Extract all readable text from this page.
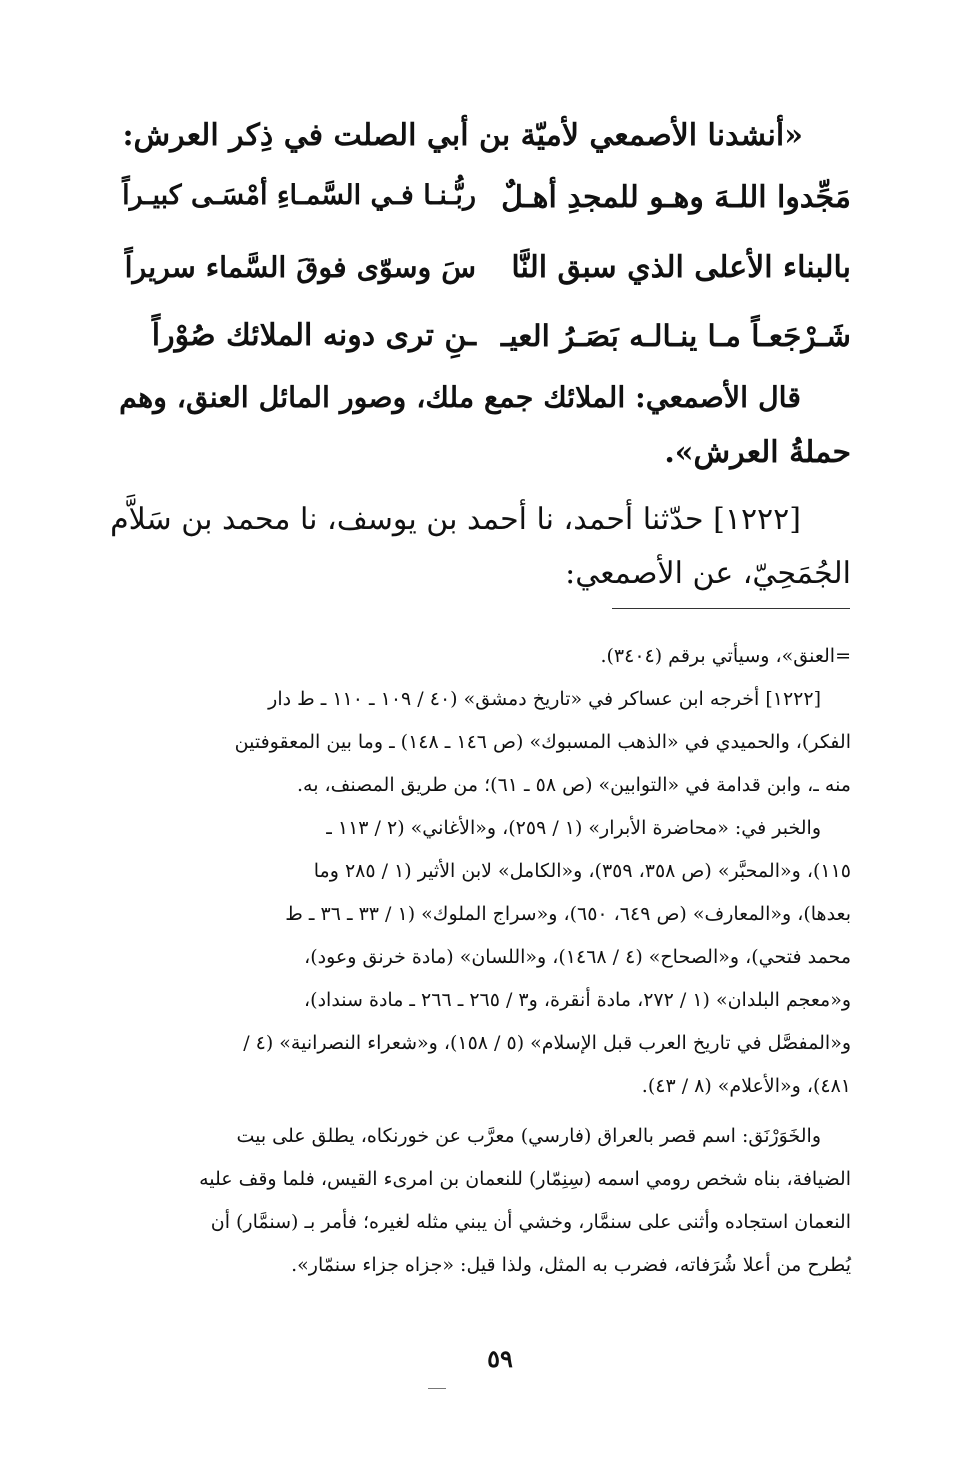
«أنشدنا الأصمعي لأميّة بن أبي الصلت في ذِكر العرش:
مَجِّدوا اللـهَ وهـو للمجدِ أهـلٌ
ربُّـنـا فـي السَّمـاءِ أمْسَـى كبيـراً
بالبناء الأعلى الذي سبق النَّا
سَ وسوّى فوقَ السَّماء سريراً
شَـرْجَعـاً مـا ينـالـه بَصَـرُ العيـ
ـنِ ترى دونه الملائك صُوْراً
قال الأصمعي: الملائك جمع ملك، وصور المائل العنق، وهم
حملةُ العرش».
[١٢٢٢] حدّثنا أحمد، نا أحمد بن يوسف، نا محمد بن سَلاَّم
الجُمَحِيّ، عن الأصمعي:
=العنق»، وسيأتي برقم (٣٤٠٤).
[١٢٢٢] أخرجه ابن عساكر في «تاريخ دمشق» (٤٠ / ١٠٩ ـ ١١٠ ـ ط دار
الفكر)، والحميدي في «الذهب المسبوك» (ص ١٤٦ ـ ١٤٨) ـ وما بين المعقوفتين
منه ـ، وابن قدامة في «التوابين» (ص ٥٨ ـ ٦١)؛ من طريق المصنف، به.
والخبر في: «محاضرة الأبرار» (١ / ٢٥٩)، و«الأغاني» (٢ / ١١٣ ـ
١١٥)، و«المحبَّر» (ص ٣٥٨، ٣٥٩)، و«الكامل» لابن الأثير (١ / ٢٨٥ وما
بعدها)، و«المعارف» (ص ٦٤٩، ٦٥٠)، و«سراج الملوك» (١ / ٣٣ ـ ٣٦ ـ ط
محمد فتحي)، و«الصحاح» (٤ / ١٤٦٨)، و«اللسان» (مادة خرنق وعود)،
و«معجم البلدان» (١ / ٢٧٢، مادة أنقرة، و٣ / ٢٦٥ ـ ٢٦٦ ـ مادة سنداد)،
و«المفصَّل في تاريخ العرب قبل الإسلام» (٥ / ١٥٨)، و«شعراء النصرانية» (٤ /
٤٨١)، و«الأعلام» (٨ / ٤٣).
والخَوَرْنَق: اسم قصر بالعراق (فارسي) معرَّب عن خورنكاه، يطلق على بيت
الضيافة، بناه شخص رومي اسمه (سِنِمّار) للنعمان بن امرىء القيس، فلما وقف عليه
النعمان استجاده وأثنى على سنمَّار، وخشي أن يبني مثله لغيره؛ فأمر بـ (سنمَّار) أن
يُطرح من أعلا شُرَفاته، فضرب به المثل، ولذا قيل: «جزاه جزاء سنمّار».
٥٩
